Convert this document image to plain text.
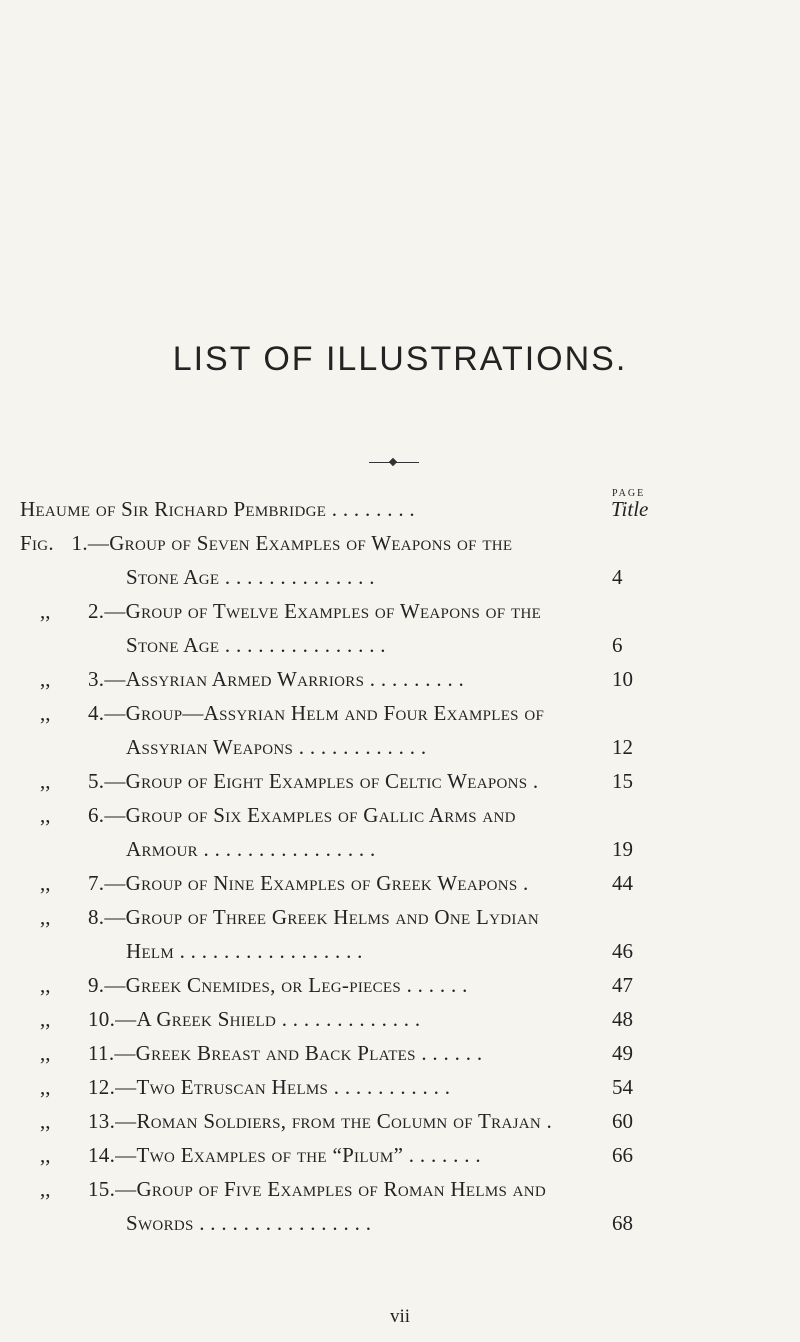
LIST OF ILLUSTRATIONS.
PAGE
Heaume of Sir Richard Pembridge . . . . . . . .	Title
Fig. 1.—Group of Seven Examples of Weapons of the
Stone Age . . . . . . . . . . . . . .	4
,, 2.—Group of Twelve Examples of Weapons of the
Stone Age . . . . . . . . . . . . . . .	6
,, 3.—Assyrian Armed Warriors . . . . . . . . .	10
,, 4.—Group—Assyrian Helm and Four Examples of
Assyrian Weapons . . . . . . . . . . . .	12
,, 5.—Group of Eight Examples of Celtic Weapons .	15
,, 6.—Group of Six Examples of Gallic Arms and
Armour . . . . . . . . . . . . . . . .	19
,, 7.—Group of Nine Examples of Greek Weapons .	44
,, 8.—Group of Three Greek Helms and One Lydian
Helm . . . . . . . . . . . . . . . . .	46
,, 9.—Greek Cnemides, or Leg-pieces . . . . . .	47
,, 10.—A Greek Shield . . . . . . . . . . . . .	48
,, 11.—Greek Breast and Back Plates . . . . . .	49
,, 12.—Two Etruscan Helms . . . . . . . . . . .	54
,, 13.—Roman Soldiers, from the Column of Trajan .	60
,, 14.—Two Examples of the “Pilum” . . . . . . .	66
,, 15.—Group of Five Examples of Roman Helms and
Swords . . . . . . . . . . . . . . . .	68
vii
